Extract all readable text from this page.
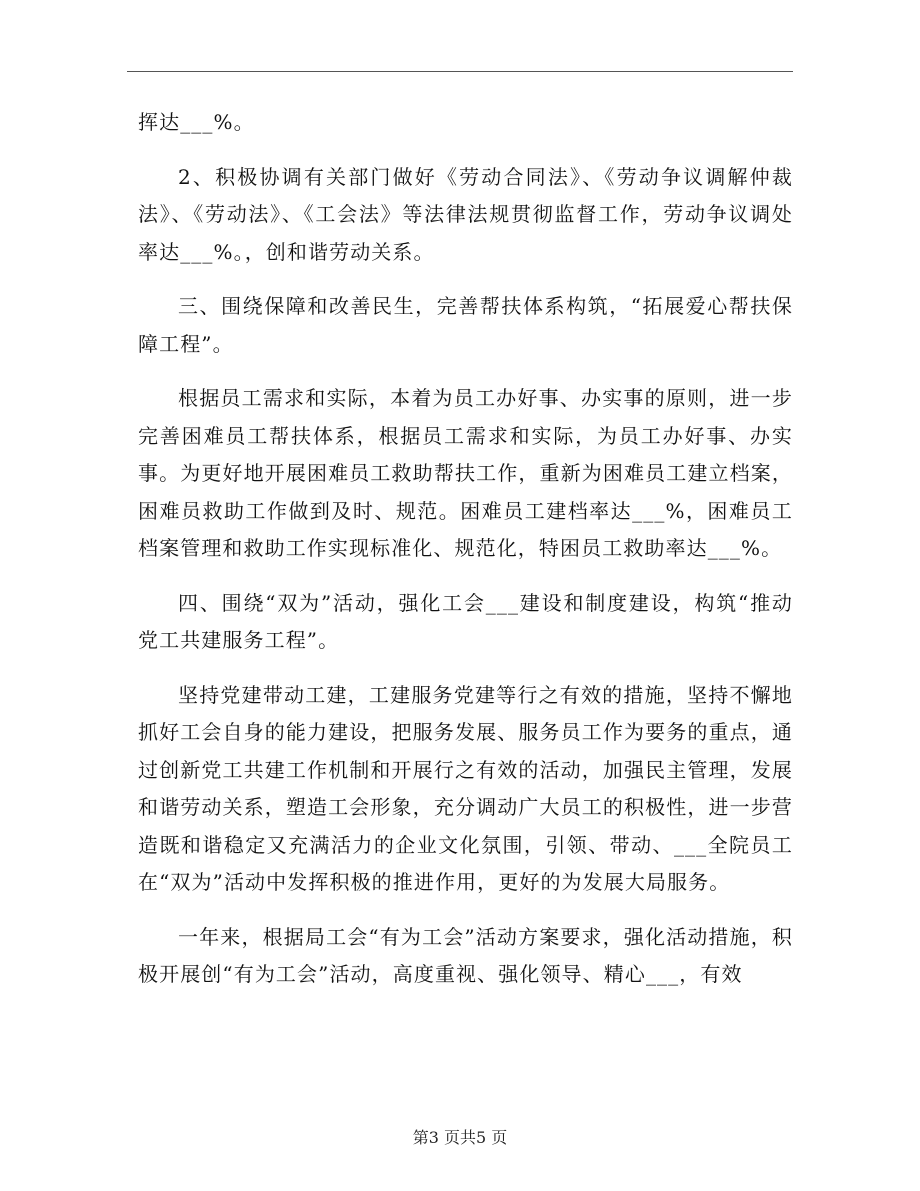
挥达___%。

2、积极协调有关部门做好《劳动合同法》、《劳动争议调解仲裁法》、《劳动法》、《工会法》等法律法规贯彻监督工作，劳动争议调处率达___%。，创和谐劳动关系。

三、围绕保障和改善民生，完善帮扶体系构筑，“拓展爱心帮扶保障工程”。

根据员工需求和实际，本着为员工办好事、办实事的原则，进一步完善困难员工帮扶体系，根据员工需求和实际，为员工办好事、办实事。为更好地开展困难员工救助帮扶工作，重新为困难员工建立档案，困难员救助工作做到及时、规范。困难员工建档率达___%，困难员工档案管理和救助工作实现标准化、规范化，特困员工救助率达___%。

四、围绕“双为”活动，强化工会___建设和制度建设，构筑“推动党工共建服务工程”。

坚持党建带动工建，工建服务党建等行之有效的措施，坚持不懈地抓好工会自身的能力建设，把服务发展、服务员工作为要务的重点，通过创新党工共建工作机制和开展行之有效的活动，加强民主管理，发展和谐劳动关系，塑造工会形象，充分调动广大员工的积极性，进一步营造既和谐稳定又充满活力的企业文化氛围，引领、带动、___全院员工在“双为”活动中发挥积极的推进作用，更好的为发展大局服务。

一年来，根据局工会“有为工会”活动方案要求，强化活动措施，积极开展创“有为工会”活动，高度重视、强化领导、精心___，有效

第3 页共5 页
